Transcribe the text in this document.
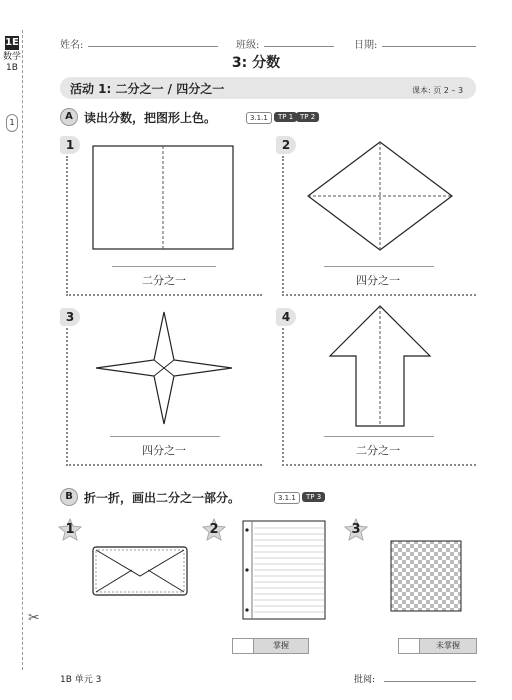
1E
数学
1B
1
✂
姓名:	班级:	日期:
3: 分数
活动 1: 二分之一 / 四分之一	课本: 页 2 – 3
A 读出分数，把图形上色。	3.1.1	TP 1 TP 2
1
二分之一
2
四分之一
3
四分之一
4
二分之一
B 折一折，画出二分之一部分。	3.1.1	TP 3
1	2	3
掌握	未掌握
1B 单元 3	批阅:
